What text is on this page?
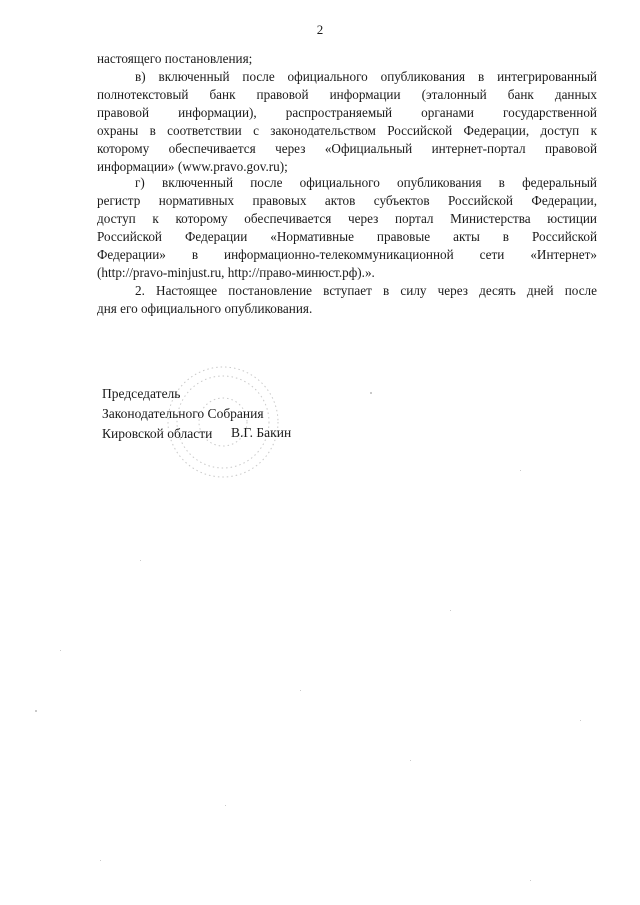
2
настоящего постановления;
в) включенный после официального опубликования в интегрированный
полнотекстовый банк правовой информации (эталонный банк данных
правовой информации), распространяемый органами государственной
охраны в соответствии с законодательством Российской Федерации, доступ к
которому обеспечивается через «Официальный интернет-портал правовой
информации» (www.pravo.gov.ru);
г) включенный после официального опубликования в федеральный
регистр нормативных правовых актов субъектов Российской Федерации,
доступ к которому обеспечивается через портал Министерства юстиции
Российской Федерации «Нормативные правовые акты в Российской
Федерации» в информационно-телекоммуникационной сети «Интернет»
(http://pravo-minjust.ru, http://право-минюст.рф).».
2. Настоящее постановление вступает в силу через десять дней после
дня его официального опубликования.
Председатель
Законодательного Собрания
Кировской области В.Г. Бакин
